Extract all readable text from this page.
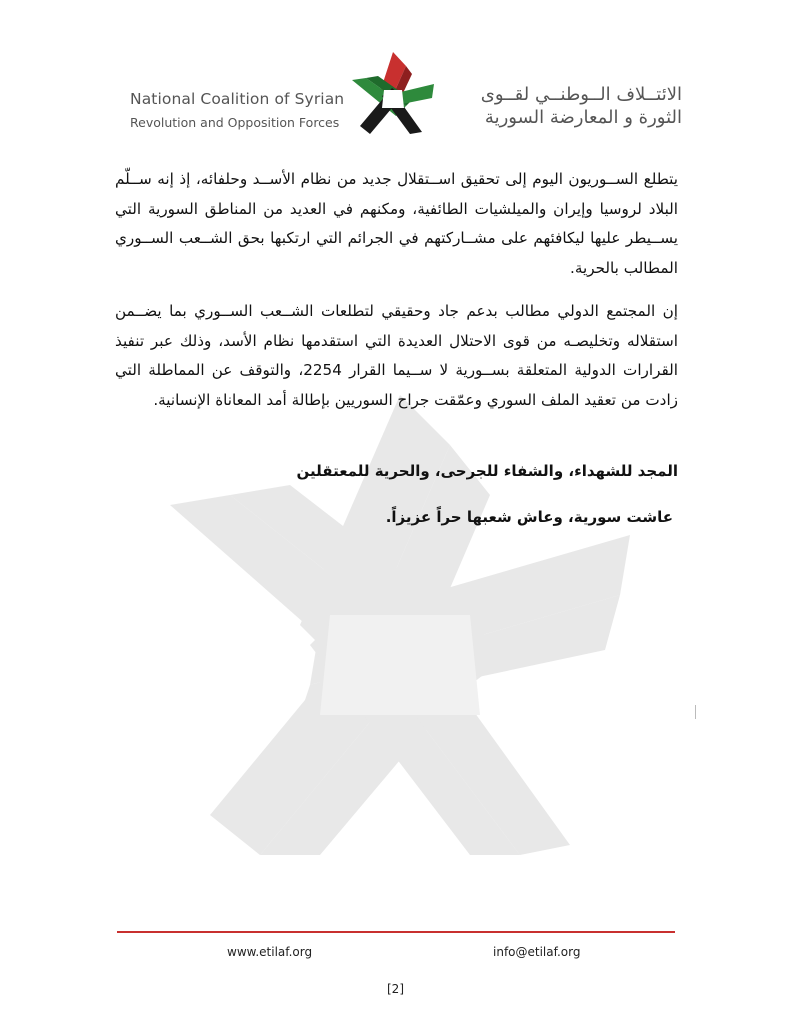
National Coalition of Syrian
Revolution and Opposition Forces
الائتــلاف الــوطنــي لقــوى
الثورة و المعارضة السورية

يتطلع الســوريون اليوم إلى تحقيق اســتقلال جديد من نظام الأســد وحلفائه، إذ إنه ســلّم البلاد لروسيا وإيران والميلشيات الطائفية، ومكنهم في العديد من المناطق السورية التي يســيطر عليها ليكافئهم على مشــاركتهم في الجرائم التي ارتكبها بحق الشــعب الســوري المطالب بالحرية.

إن المجتمع الدولي مطالب بدعم جاد وحقيقي لتطلعات الشــعب الســوري بما يضــمن استقلاله وتخليصـه من قوى الاحتلال العديدة التي استقدمها نظام الأسد، وذلك عبر تنفيذ القرارات الدولية المتعلقة بســورية لا ســيما القرار 2254، والتوقف عن المماطلة التي زادت من تعقيد الملف السوري وعمّقت جراح السوريين بإطالة أمد المعاناة الإنسانية.

المجد للشهداء، والشفاء للجرحى، والحرية للمعتقلين
عاشت سورية، وعاش شعبها حراً عزيزاً.
www.etilaf.org	info@etilaf.org
[2]
